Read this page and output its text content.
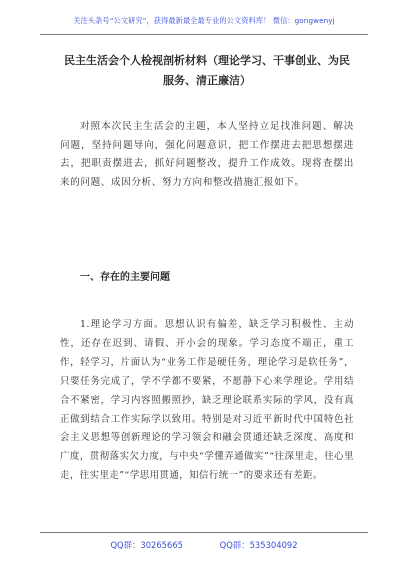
关注头条号“公文研究”，获得最新最全最专业的公文资料库！ 微信：gongwenyj
民主生活会个人检视剖析材料（理论学习、干事创业、为民服务、清正廉洁）
对照本次民主生活会的主题，本人坚持立足找准问题、解决问题，坚持问题导向，强化问题意识，把工作摆进去把思想摆进去，把职责摆进去，抓好问题整改，提升工作成效。现将查摆出来的问题、成因分析、努力方向和整改措施汇报如下。
一、存在的主要问题
1.理论学习方面。思想认识有偏差，缺乏学习积极性、主动性，还存在迟到、请假、开小会的现象。学习态度不端正，重工作，轻学习，片面认为“业务工作是硬任务，理论学习是软任务”，只要任务完成了，学不学都不要紧，不愿静下心来学理论。学用结合不紧密，学习内容照搬照抄，缺乏理论联系实际的学风，没有真正做到结合工作实际学以致用。特别是对习近平新时代中国特色社会主义思想等创新理论的学习领会和融会贯通还缺乏深度、高度和广度，贯彻落实欠力度，与中央“学懂弄通做实”“往深里走，往心里走，往实里走”“学思用贯通，知信行统一”的要求还有差距。
QQ群：30265665	QQ群：535304092
